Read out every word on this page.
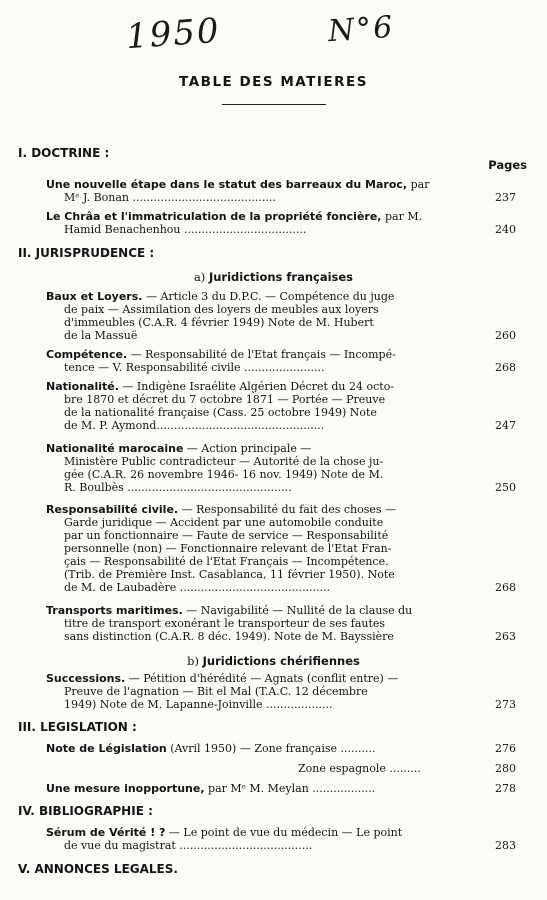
1950	N°6
TABLE DES MATIERES
I. DOCTRINE :
Pages
Une nouvelle étape dans le statut des barreaux du Maroc, par
Mᵉ J. Bonan .........................................	237
Le Chrâa et l'immatriculation de la propriété foncière, par M.
Hamid Benachenhou ...................................	240
II. JURISPRUDENCE :
a) Juridictions françaises
Baux et Loyers. — Article 3 du D.P.C. — Compétence du juge
de paix — Assimilation des loyers de meubles aux loyers
d'immeubles (C.A.R. 4 février 1949) Note de M. Hubert
de la Massuë	260
Compétence. — Responsabilité de l'Etat français — Incompé-
tence — V. Responsabilité civile .......................	268
Nationalité. — Indigène Israélite Algérien Décret du 24 octo-
bre 1870 et décret du 7 octobre 1871 — Portée — Preuve
de la nationalité française (Cass. 25 octobre 1949) Note
de M. P. Aymond................................................	247
Nationalité marocaine — Action principale —
Ministère Public contradicteur — Autorité de la chose ju-
gée (C.A.R. 26 novembre 1946- 16 nov. 1949) Note de M.
R. Boulbès ...............................................	250
Responsabilité civile. — Responsabilité du fait des choses —
Garde juridique — Accident par une automobile conduite
par un fonctionnaire — Faute de service — Responsabilité
personnelle (non) — Fonctionnaire relevant de l'Etat Fran-
çais — Responsabilité de l'Etat Français — Incompétence.
(Trib. de Première Inst. Casablanca, 11 février 1950). Note
de M. de Laubadère ...........................................	268
Transports maritimes. — Navigabilité — Nullité de la clause du
titre de transport exonérant le transporteur de ses fautes
sans distinction (C.A.R. 8 déc. 1949). Note de M. Bayssière	263
b) Juridictions chérifiennes
Successions. — Pétition d'hérédité — Agnats (conflit entre) —
Preuve de l'agnation — Bit el Mal (T.A.C. 12 décembre
1949) Note de M. Lapanne-Joinville ...................	273
III. LEGISLATION :
Note de Législation (Avril 1950) — Zone française ..........	276
Zone espagnole .........	280
Une mesure inopportune, par Mᵉ M. Meylan ..................	278
IV. BIBLIOGRAPHIE :
Sérum de Vérité ! ? — Le point de vue du médecin — Le point
de vue du magistrat ......................................	283
V. ANNONCES LEGALES.
